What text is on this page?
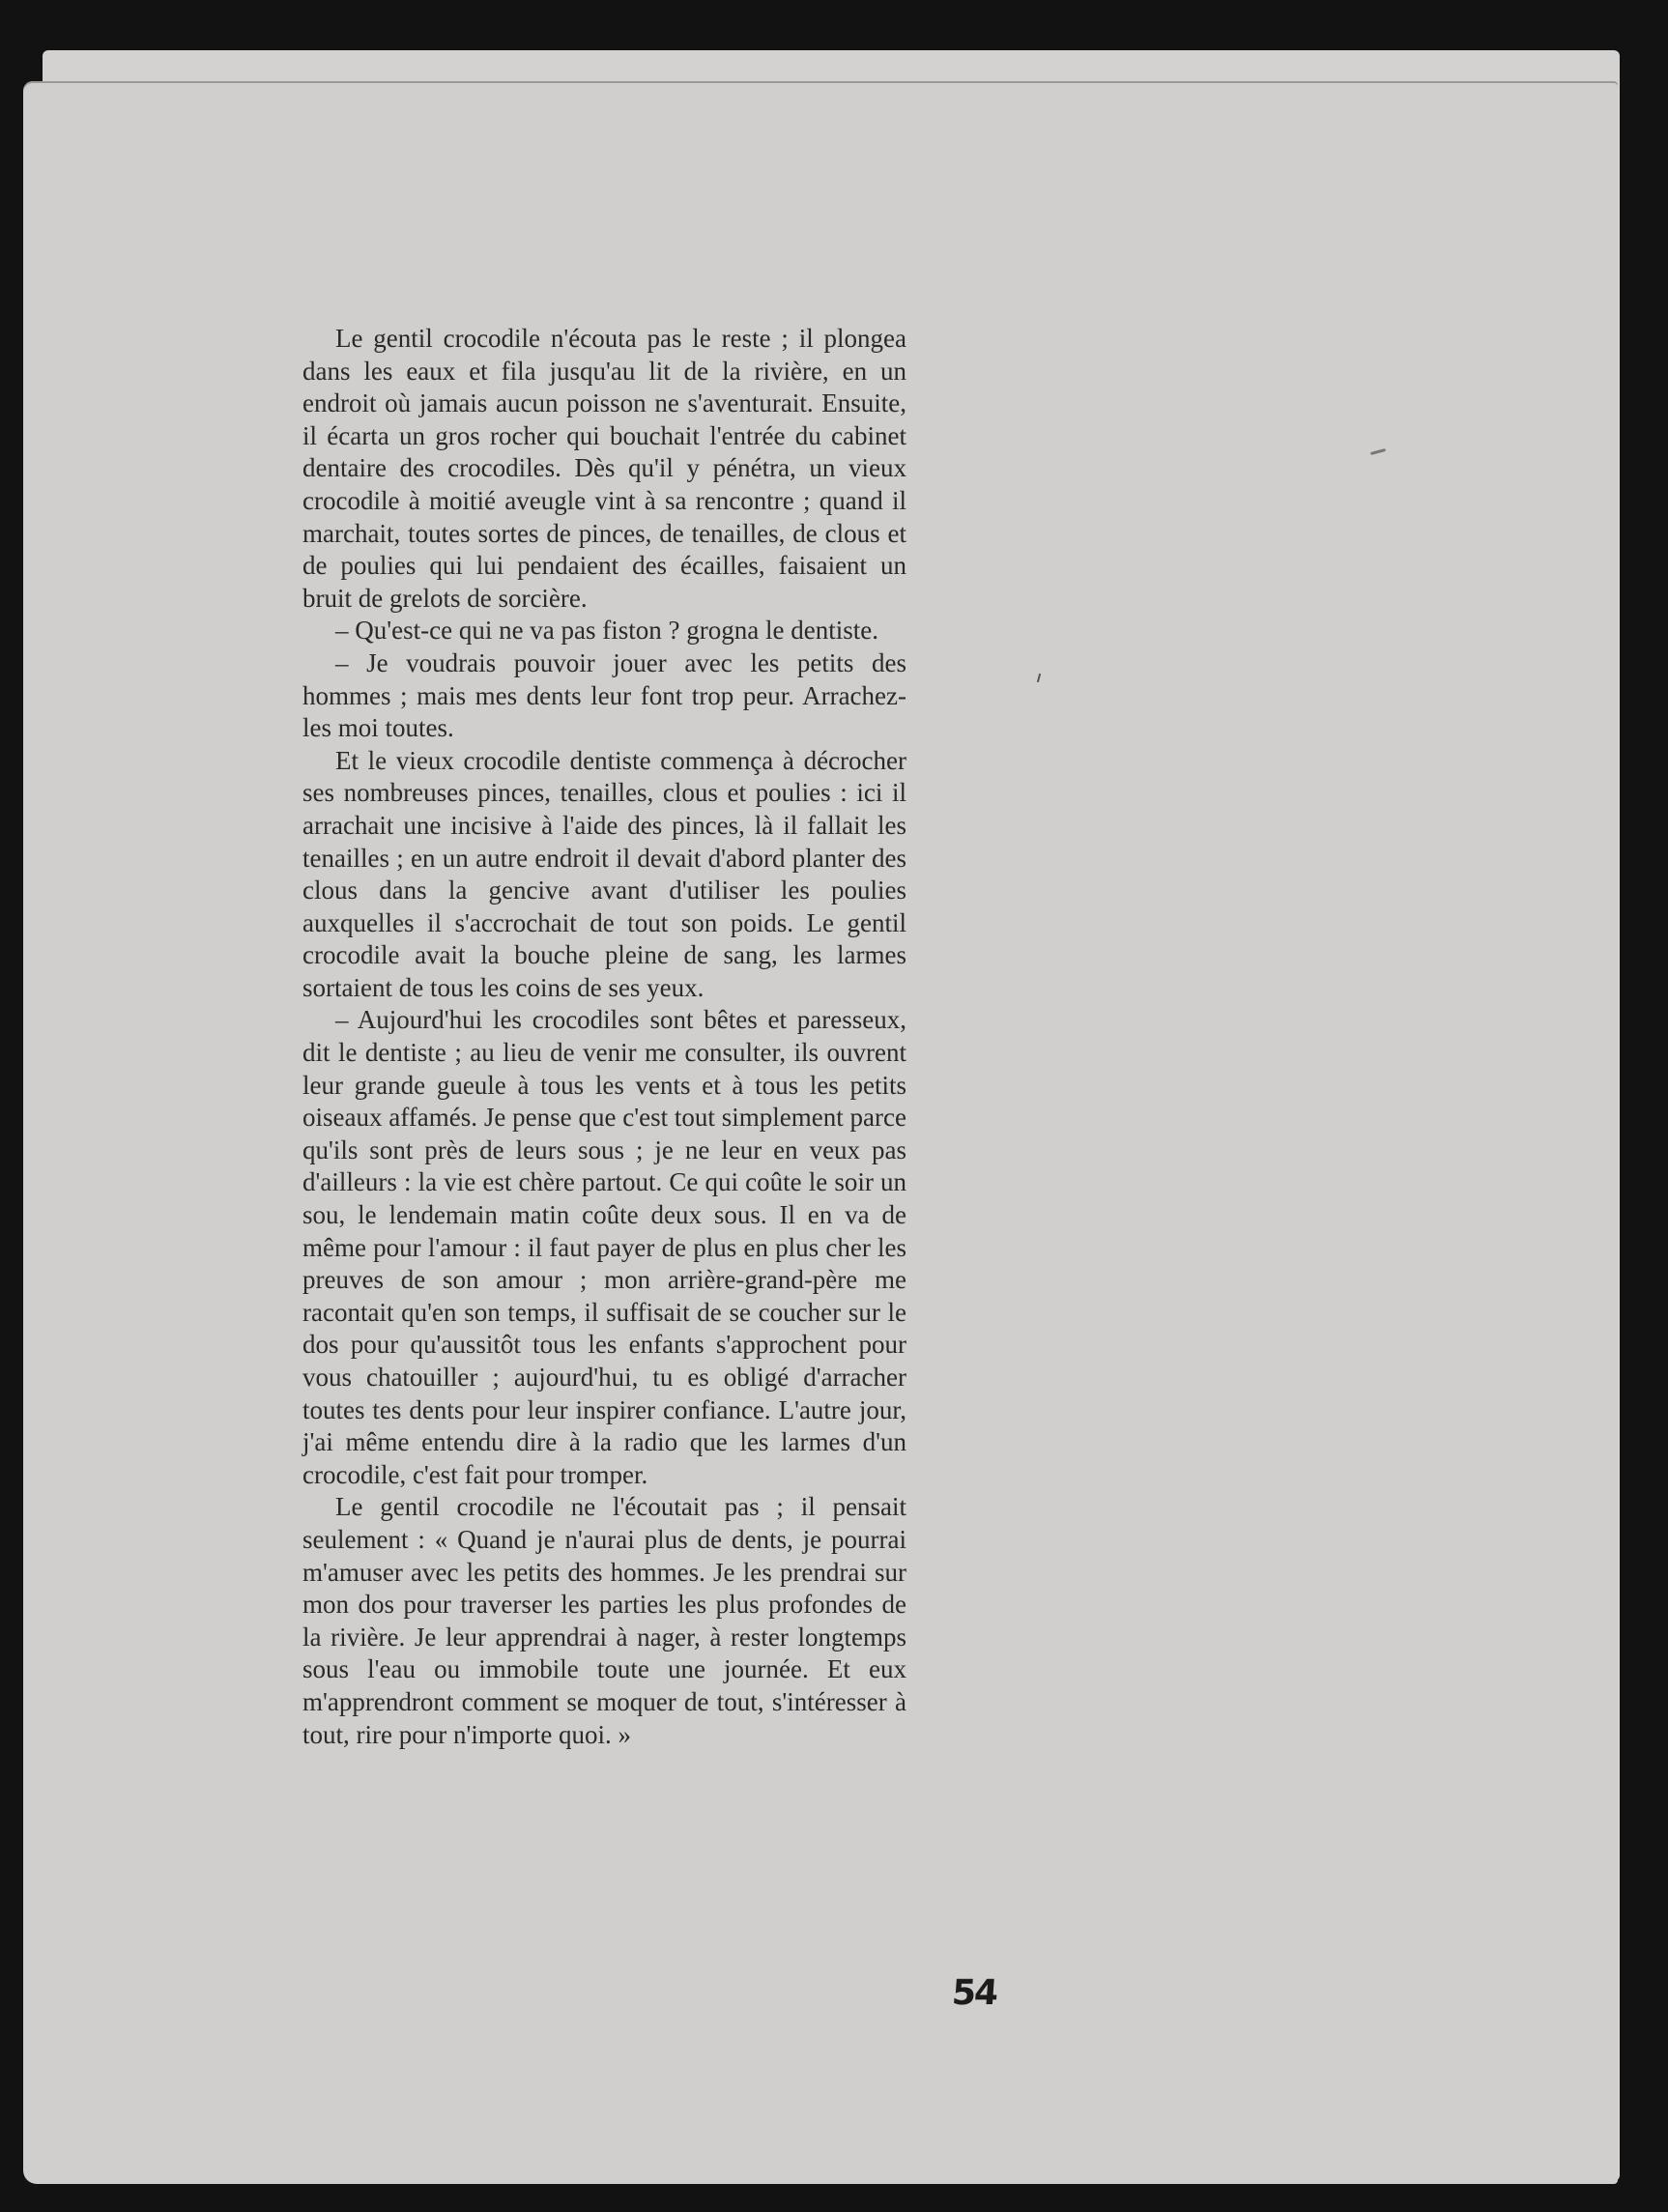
Le gentil crocodile n'écouta pas le reste ; il plongea dans les eaux et fila jusqu'au lit de la rivière, en un endroit où jamais aucun poisson ne s'aventurait. Ensuite, il écarta un gros rocher qui bouchait l'entrée du cabinet dentaire des crocodiles. Dès qu'il y pénétra, un vieux crocodile à moitié aveugle vint à sa rencontre ; quand il marchait, toutes sortes de pinces, de tenailles, de clous et de poulies qui lui pendaient des écailles, faisaient un bruit de grelots de sorcière.

– Qu'est-ce qui ne va pas fiston ? grogna le dentiste.

– Je voudrais pouvoir jouer avec les petits des hommes ; mais mes dents leur font trop peur. Arrachez-les moi toutes.

Et le vieux crocodile dentiste commença à décrocher ses nombreuses pinces, tenailles, clous et poulies : ici il arrachait une incisive à l'aide des pinces, là il fallait les tenailles ; en un autre endroit il devait d'abord planter des clous dans la gencive avant d'utiliser les poulies auxquelles il s'accrochait de tout son poids. Le gentil crocodile avait la bouche pleine de sang, les larmes sortaient de tous les coins de ses yeux.

– Aujourd'hui les crocodiles sont bêtes et paresseux, dit le dentiste ; au lieu de venir me consulter, ils ouvrent leur grande gueule à tous les vents et à tous les petits oiseaux affamés. Je pense que c'est tout simplement parce qu'ils sont près de leurs sous ; je ne leur en veux pas d'ailleurs : la vie est chère partout. Ce qui coûte le soir un sou, le lendemain matin coûte deux sous. Il en va de même pour l'amour : il faut payer de plus en plus cher les preuves de son amour ; mon arrière-grand-père me racontait qu'en son temps, il suffisait de se coucher sur le dos pour qu'aussitôt tous les enfants s'approchent pour vous chatouiller ; aujourd'hui, tu es obligé d'arracher toutes tes dents pour leur inspirer confiance. L'autre jour, j'ai même entendu dire à la radio que les larmes d'un crocodile, c'est fait pour tromper.

Le gentil crocodile ne l'écoutait pas ; il pensait seulement : « Quand je n'aurai plus de dents, je pourrai m'amuser avec les petits des hommes. Je les prendrai sur mon dos pour traverser les parties les plus profondes de la rivière. Je leur apprendrai à nager, à rester longtemps sous l'eau ou immobile toute une journée. Et eux m'apprendront comment se moquer de tout, s'intéresser à tout, rire pour n'importe quoi. »

54
